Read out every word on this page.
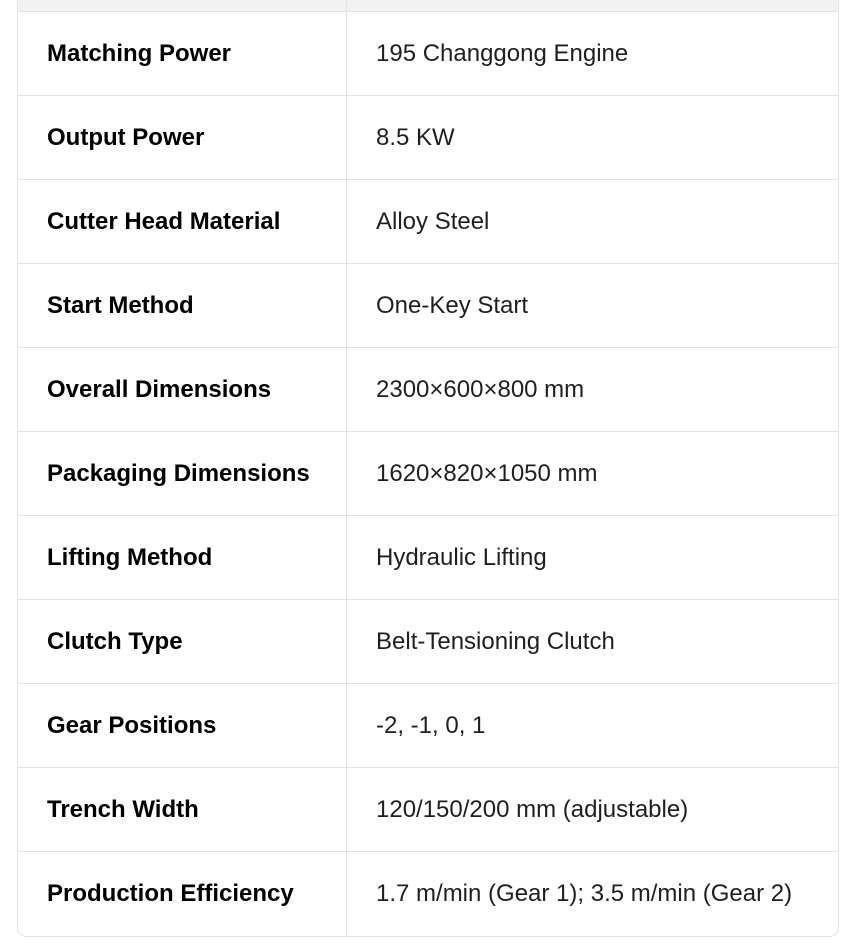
Matching Power	195 Changgong Engine
Output Power	8.5 KW
Cutter Head Material	Alloy Steel
Start Method	One-Key Start
Overall Dimensions	2300×600×800 mm
Packaging Dimensions	1620×820×1050 mm
Lifting Method	Hydraulic Lifting
Clutch Type	Belt-Tensioning Clutch
Gear Positions	-2, -1, 0, 1
Trench Width	120/150/200 mm (adjustable)
Production Efficiency	1.7 m/min (Gear 1); 3.5 m/min (Gear 2)
